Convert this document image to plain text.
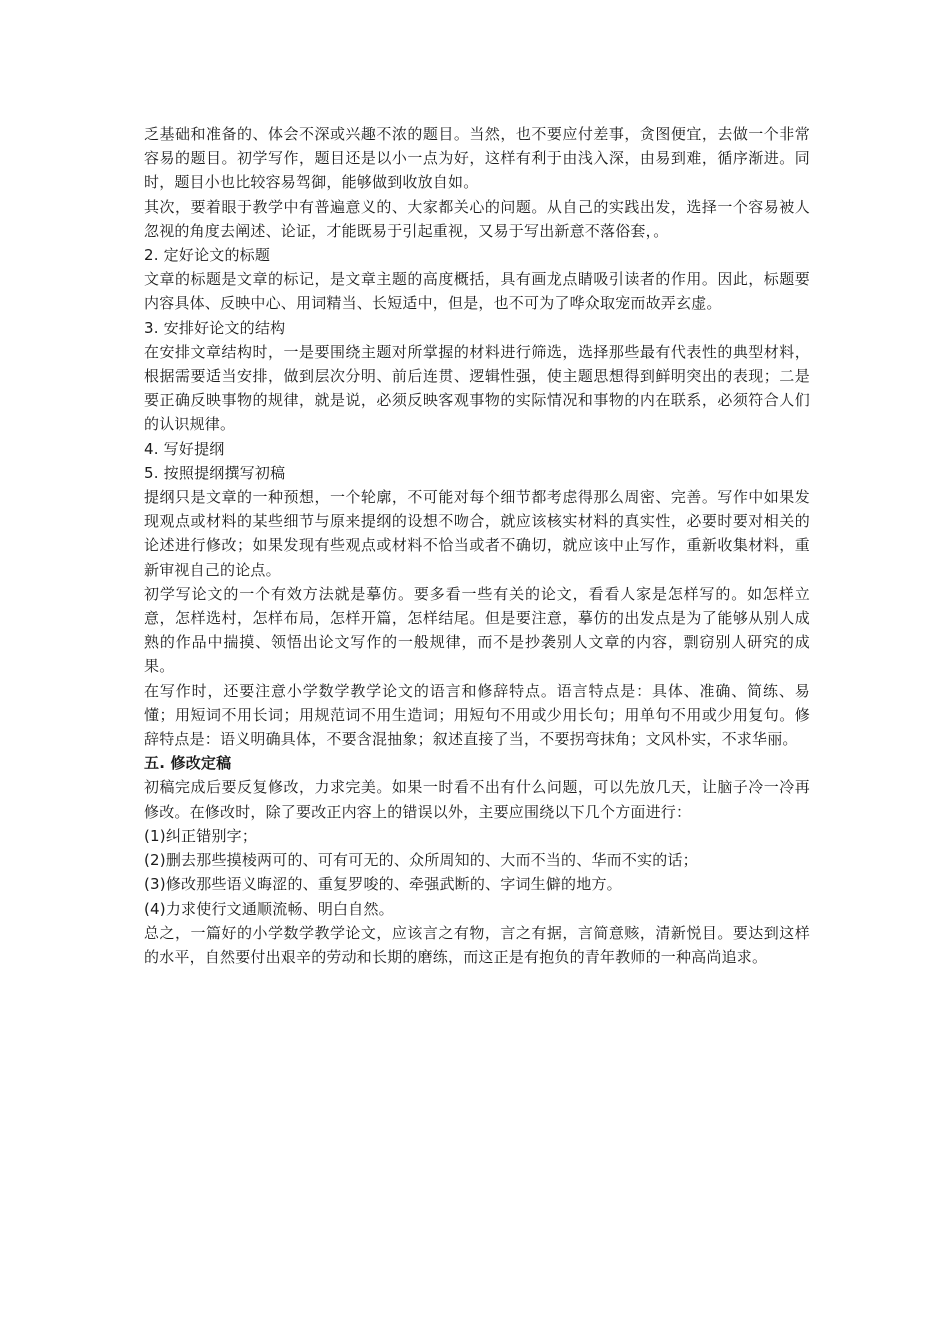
乏基础和准备的、体会不深或兴趣不浓的题目。当然，也不要应付差事，贪图便宜，去做一个非常容易的题目。初学写作，题目还是以小一点为好，这样有利于由浅入深，由易到难，循序渐进。同时，题目小也比较容易驾御，能够做到收放自如。

其次，要着眼于教学中有普遍意义的、大家都关心的问题。从自己的实践出发，选择一个容易被人忽视的角度去阐述、论证，才能既易于引起重视，又易于写出新意不落俗套，。

2. 定好论文的标题

文章的标题是文章的标记，是文章主题的高度概括，具有画龙点睛吸引读者的作用。因此，标题要内容具体、反映中心、用词精当、长短适中，但是，也不可为了哗众取宠而故弄玄虚。

3. 安排好论文的结构

在安排文章结构时，一是要围绕主题对所掌握的材料进行筛选，选择那些最有代表性的典型材料，根据需要适当安排，做到层次分明、前后连贯、逻辑性强，使主题思想得到鲜明突出的表现；二是要正确反映事物的规律，就是说，必须反映客观事物的实际情况和事物的内在联系，必须符合人们的认识规律。

4. 写好提纲

5. 按照提纲撰写初稿

提纲只是文章的一种预想，一个轮廓，不可能对每个细节都考虑得那么周密、完善。写作中如果发现观点或材料的某些细节与原来提纲的设想不吻合，就应该核实材料的真实性，必要时要对相关的论述进行修改；如果发现有些观点或材料不恰当或者不确切，就应该中止写作，重新收集材料，重新审视自己的论点。

初学写论文的一个有效方法就是摹仿。要多看一些有关的论文，看看人家是怎样写的。如怎样立意，怎样选村，怎样布局，怎样开篇，怎样结尾。但是要注意，摹仿的出发点是为了能够从别人成熟的作品中揣摸、领悟出论文写作的一般规律，而不是抄袭别人文章的内容，剽窃别人研究的成果。

在写作时，还要注意小学数学教学论文的语言和修辞特点。语言特点是：具体、准确、简练、易懂；用短词不用长词；用规范词不用生造词；用短句不用或少用长句；用单句不用或少用复句。修辞特点是：语义明确具体，不要含混抽象；叙述直接了当，不要拐弯抹角；文风朴实，不求华丽。

五. 修改定稿

初稿完成后要反复修改，力求完美。如果一时看不出有什么问题，可以先放几天，让脑子冷一冷再修改。在修改时，除了要改正内容上的错误以外，主要应围绕以下几个方面进行：

(1)纠正错别字；

(2)删去那些摸棱两可的、可有可无的、众所周知的、大而不当的、华而不实的话；

(3)修改那些语义晦涩的、重复罗唆的、牵强武断的、字词生僻的地方。

(4)力求使行文通顺流畅、明白自然。

总之，一篇好的小学数学教学论文，应该言之有物，言之有据，言简意赅，清新悦目。要达到这样的水平，自然要付出艰辛的劳动和长期的磨练，而这正是有抱负的青年教师的一种高尚追求。
